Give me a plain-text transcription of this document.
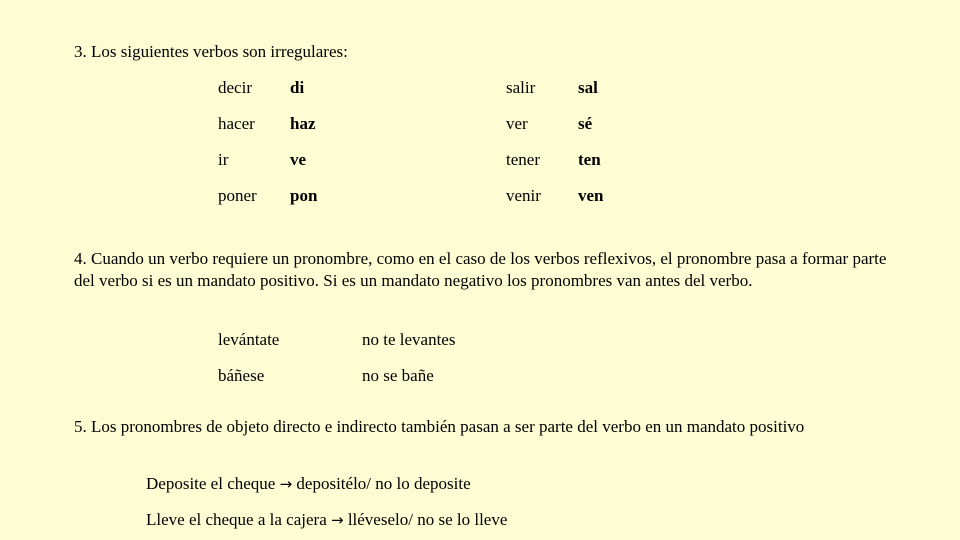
3. Los siguientes verbos son irregulares:
decir di	salir	sal
hacer haz	ver	sé
ir	ve	tener ten
poner pon	venir ven
4. Cuando un verbo requiere un pronombre, como en el caso de los verbos reflexivos, el pronombre pasa a formar parte del verbo si es un mandato positivo. Si es un mandato negativo los pronombres van antes del verbo.
levántate	no te levantes
báñese	no se bañe
5. Los pronombres de objeto directo e indirecto también pasan a ser parte del verbo en un mandato positivo
Deposite el cheque → depositélo/ no lo deposite
Lleve el cheque a la cajera → lléveselo/ no se lo lleve
